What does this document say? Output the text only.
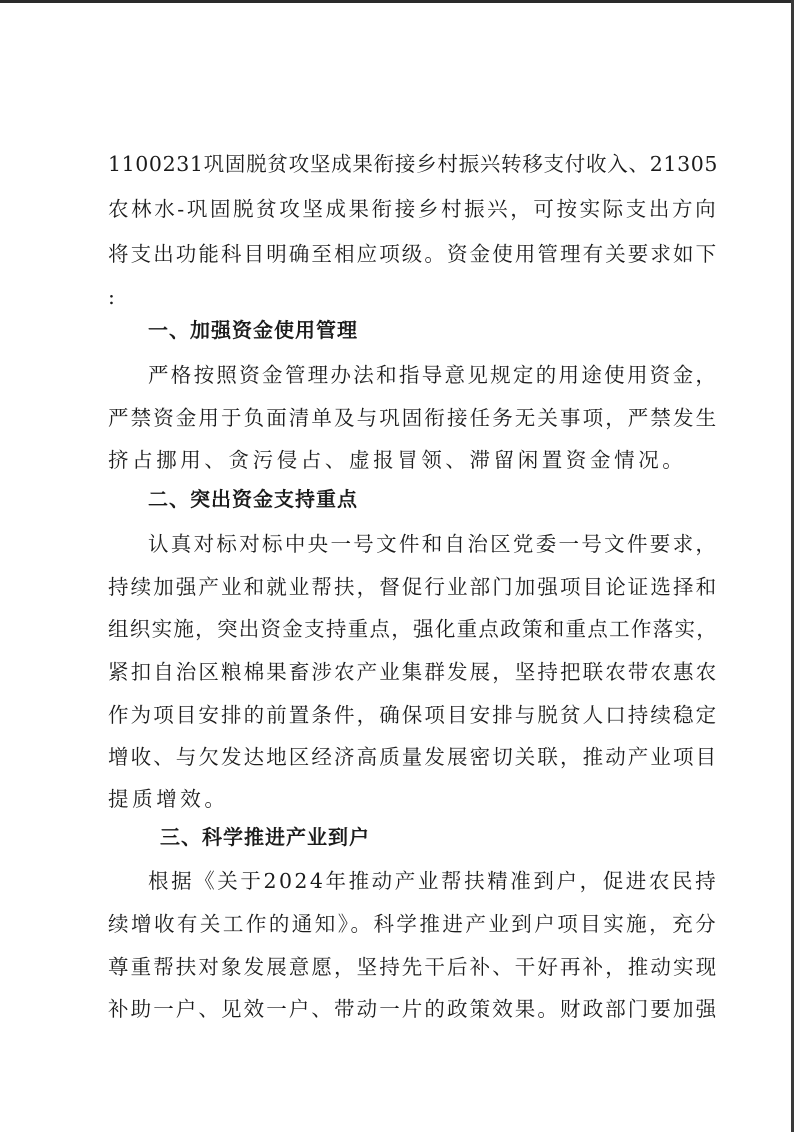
1100231巩固脱贫攻坚成果衔接乡村振兴转移支付收入、21305
农林水-巩固脱贫攻坚成果衔接乡村振兴，可按实际支出方向
将支出功能科目明确至相应项级。资金使用管理有关要求如下
:
一、加强资金使用管理
严格按照资金管理办法和指导意见规定的用途使用资金，
严禁资金用于负面清单及与巩固衔接任务无关事项，严禁发生
挤占挪用、贪污侵占、虚报冒领、滞留闲置资金情况。
二、突出资金支持重点
认真对标对标中央一号文件和自治区党委一号文件要求，
持续加强产业和就业帮扶，督促行业部门加强项目论证选择和
组织实施，突出资金支持重点，强化重点政策和重点工作落实，
紧扣自治区粮棉果畜涉农产业集群发展，坚持把联农带农惠农
作为项目安排的前置条件，确保项目安排与脱贫人口持续稳定
增收、与欠发达地区经济高质量发展密切关联，推动产业项目
提质增效。
三、科学推进产业到户
根据《关于2024年推动产业帮扶精准到户，促进农民持
续增收有关工作的通知》。科学推进产业到户项目实施，充分
尊重帮扶对象发展意愿，坚持先干后补、干好再补，推动实现
补助一户、见效一户、带动一片的政策效果。财政部门要加强
